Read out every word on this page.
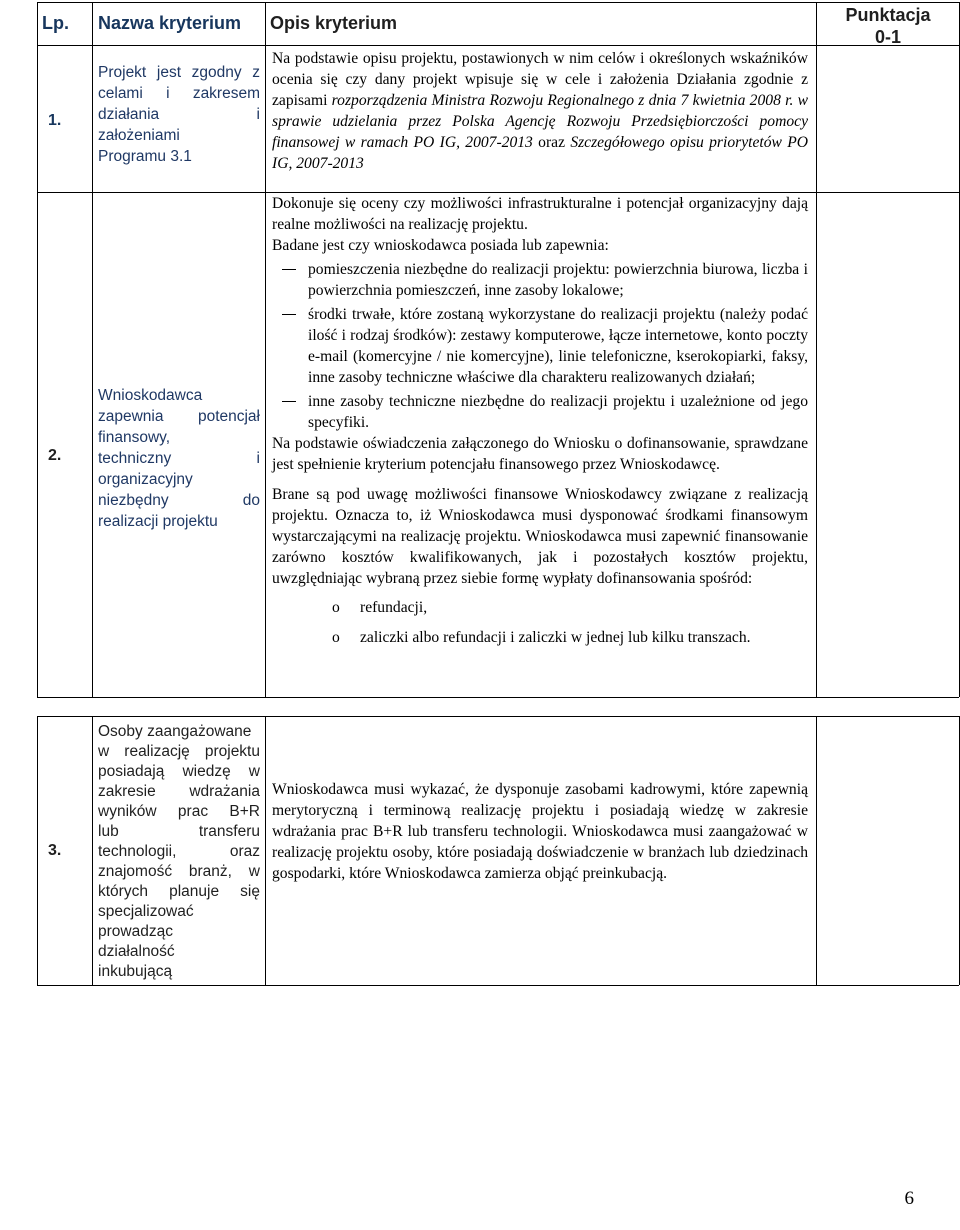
Lp. Nazwa kryterium Opis kryterium	Punktacja
0-1
1.
Projekt jest zgodny z
celami i zakresem
działania i
założeniami
Programu 3.1

Na podstawie opisu projektu, postawionych w nim celów i określonych wskaźników ocenia się czy dany projekt wpisuje się w cele i założenia Działania zgodnie z zapisami rozporządzenia Ministra Rozwoju Regionalnego z dnia 7 kwietnia 2008 r. w sprawie udzielania przez Polska Agencję Rozwoju Przedsiębiorczości pomocy finansowej w ramach PO IG, 2007-2013 oraz Szczegółowego opisu priorytetów PO IG, 2007-2013

2.
Wnioskodawca
zapewnia potencjał
finansowy,
techniczny i
organizacyjny
niezbędny do
realizacji projektu

Dokonuje się oceny czy możliwości infrastrukturalne i potencjał organizacyjny dają realne możliwości na realizację projektu.

Badane jest czy wnioskodawca posiada lub zapewnia:

pomieszczenia niezbędne do realizacji projektu: powierzchnia biurowa, liczba i powierzchnia pomieszczeń, inne zasoby lokalowe;
środki trwałe, które zostaną wykorzystane do realizacji projektu (należy podać ilość i rodzaj środków): zestawy komputerowe, łącze internetowe, konto poczty e-mail (komercyjne / nie komercyjne), linie telefoniczne, kserokopiarki, faksy, inne zasoby techniczne właściwe dla charakteru realizowanych działań;
inne zasoby techniczne niezbędne do realizacji projektu i uzależnione od jego specyfiki.

Na podstawie oświadczenia załączonego do Wniosku o dofinansowanie, sprawdzane jest spełnienie kryterium potencjału finansowego przez Wnioskodawcę.

Brane są pod uwagę możliwości finansowe Wnioskodawcy związane z realizacją projektu. Oznacza to, iż Wnioskodawca musi dysponować środkami finansowym wystarczającymi na realizację projektu. Wnioskodawca musi zapewnić finansowanie zarówno kosztów kwalifikowanych, jak i pozostałych kosztów projektu, uwzględniając wybraną przez siebie formę wypłaty dofinansowania spośród:

o refundacji,
o zaliczki albo refundacji i zaliczki w jednej lub kilku transzach.
3.
Osoby zaangażowane
w realizację projektu
posiadają wiedzę w
zakresie wdrażania
wyników prac B+R
lub transferu
technologii, oraz
znajomość branż, w
których planuje się
specjalizować
prowadząc
działalność
inkubującą
Wnioskodawca musi wykazać, że dysponuje zasobami kadrowymi, które zapewnią merytoryczną i terminową realizację projektu i posiadają wiedzę w zakresie wdrażania prac B+R lub transferu technologii. Wnioskodawca musi zaangażować w realizację projektu osoby, które posiadają doświadczenie w branżach lub dziedzinach gospodarki, które Wnioskodawca zamierza objąć preinkubacją.
6
